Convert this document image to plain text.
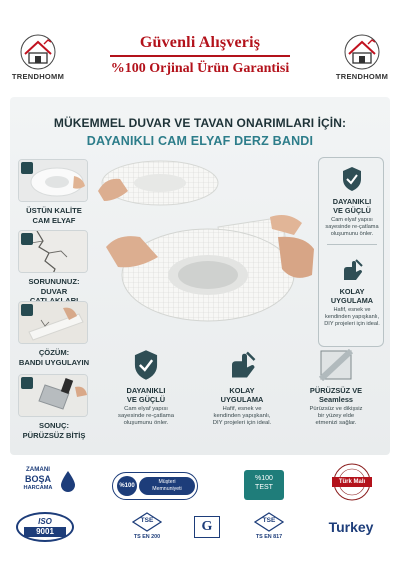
TRENDHOMM
Güvenli Alışveriş
%100 Orjinal Ürün Garantisi
TRENDHOMM
MÜKEMMEL DUVAR VE TAVAN ONARIMLARI İÇİN:
DAYANIKLI CAM ELYAF DERZ BANDI
ÜSTÜN KALİTE
CAM ELYAF
SORUNUNUZ:
DUVAR
ÇÖZÜM:
BANDI UYGULAYIN
SONUÇ:
PÜRÜZSÜZ BİTİŞ
DAYANIKLI
VE GÜÇLÜ
Cam elyaf yapısı
sayesinde re-çatlama
oluşumunu önler.
KOLAY
UYGULAMA
Hafif, esnek ve
kendinden yapışkanlı,
DIY projeleri için ideal.
DAYANIKLI
VE GÜÇLÜ
Cam elyaf yapısı
sayesinde re-çatlama
oluşumunu önler.
KOLAY
UYGULAMA
Hafif, esnek ve
kendinden yapışkanlı,
DIY projeleri için ideal.
PÜRÜZSÜZ VE
Seamless
Pürüzsüz ve dikişsiz
bir yüzey elde
etmenizi sağlar.
ZAMANI
BOŞA
HARCAMA	%100
Müşteri
Memnuniyeti
%100
TEST
Türk Malı
ISO
9001
TSE
TS EN 200
G	TSE
TS EN 817
Turkey
